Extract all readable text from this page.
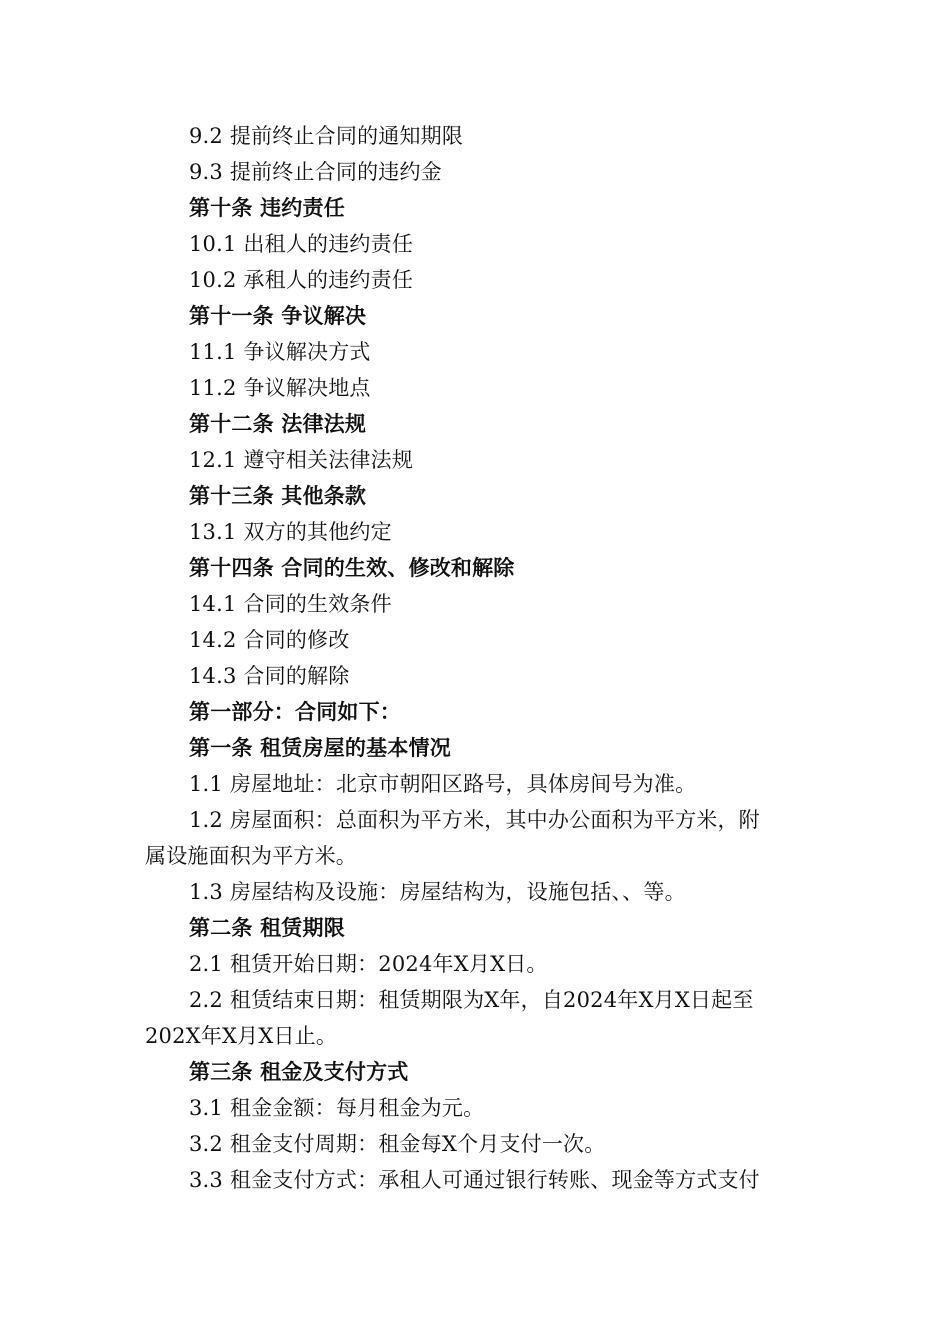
9.2 提前终止合同的通知期限
9.3 提前终止合同的违约金
第十条 违约责任
10.1 出租人的违约责任
10.2 承租人的违约责任
第十一条 争议解决
11.1 争议解决方式
11.2 争议解决地点
第十二条 法律法规
12.1 遵守相关法律法规
第十三条 其他条款
13.1 双方的其他约定
第十四条 合同的生效、修改和解除
14.1 合同的生效条件
14.2 合同的修改
14.3 合同的解除
第一部分：合同如下：
第一条 租赁房屋的基本情况
1.1 房屋地址：北京市朝阳区路号，具体房间号为准。
1.2 房屋面积：总面积为平方米，其中办公面积为平方米，附
属设施面积为平方米。
1.3 房屋结构及设施：房屋结构为，设施包括、、等。
第二条 租赁期限
2.1 租赁开始日期：2024年X月X日。
2.2 租赁结束日期：租赁期限为X年，自2024年X月X日起至
202X年X月X日止。
第三条 租金及支付方式
3.1 租金金额：每月租金为元。
3.2 租金支付周期：租金每X个月支付一次。
3.3 租金支付方式：承租人可通过银行转账、现金等方式支付
